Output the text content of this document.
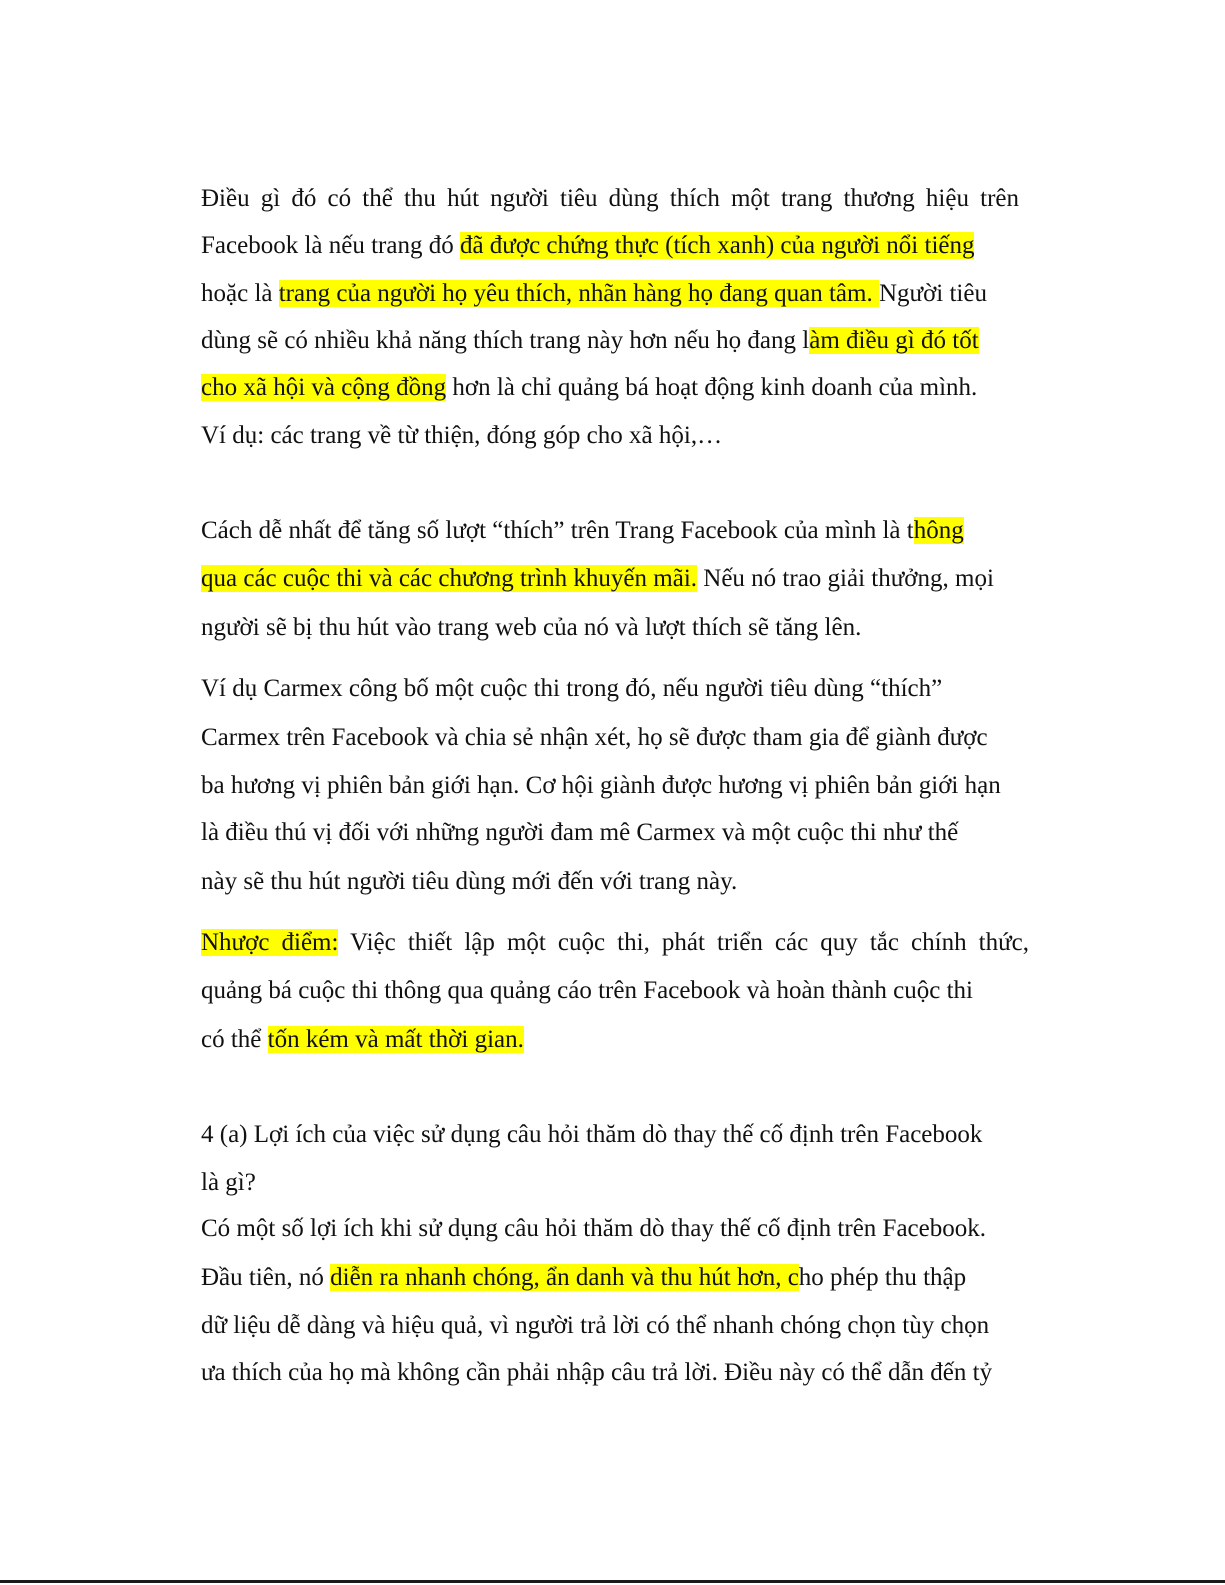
Điều gì đó có thể thu hút người tiêu dùng thích một trang thương hiệu trên
Facebook là nếu trang đó đã được chứng thực (tích xanh) của người nổi tiếng
hoặc là trang của người họ yêu thích, nhãn hàng họ đang quan tâm. Người tiêu
dùng sẽ có nhiều khả năng thích trang này hơn nếu họ đang làm điều gì đó tốt
cho xã hội và cộng đồng hơn là chỉ quảng bá hoạt động kinh doanh của mình.
Ví dụ: các trang về từ thiện, đóng góp cho xã hội,…
Cách dễ nhất để tăng số lượt “thích” trên Trang Facebook của mình là thông
qua các cuộc thi và các chương trình khuyến mãi. Nếu nó trao giải thưởng, mọi
người sẽ bị thu hút vào trang web của nó và lượt thích sẽ tăng lên.
Ví dụ Carmex công bố một cuộc thi trong đó, nếu người tiêu dùng “thích”
Carmex trên Facebook và chia sẻ nhận xét, họ sẽ được tham gia để giành được
ba hương vị phiên bản giới hạn. Cơ hội giành được hương vị phiên bản giới hạn
là điều thú vị đối với những người đam mê Carmex và một cuộc thi như thế
này sẽ thu hút người tiêu dùng mới đến với trang này.
Nhược điểm: Việc thiết lập một cuộc thi, phát triển các quy tắc chính thức,
quảng bá cuộc thi thông qua quảng cáo trên Facebook và hoàn thành cuộc thi
có thể tốn kém và mất thời gian.
4 (a) Lợi ích của việc sử dụng câu hỏi thăm dò thay thế cố định trên Facebook
là gì?
Có một số lợi ích khi sử dụng câu hỏi thăm dò thay thế cố định trên Facebook.
Đầu tiên, nó diễn ra nhanh chóng, ẩn danh và thu hút hơn, cho phép thu thập
dữ liệu dễ dàng và hiệu quả, vì người trả lời có thể nhanh chóng chọn tùy chọn
ưa thích của họ mà không cần phải nhập câu trả lời. Điều này có thể dẫn đến tỷ
